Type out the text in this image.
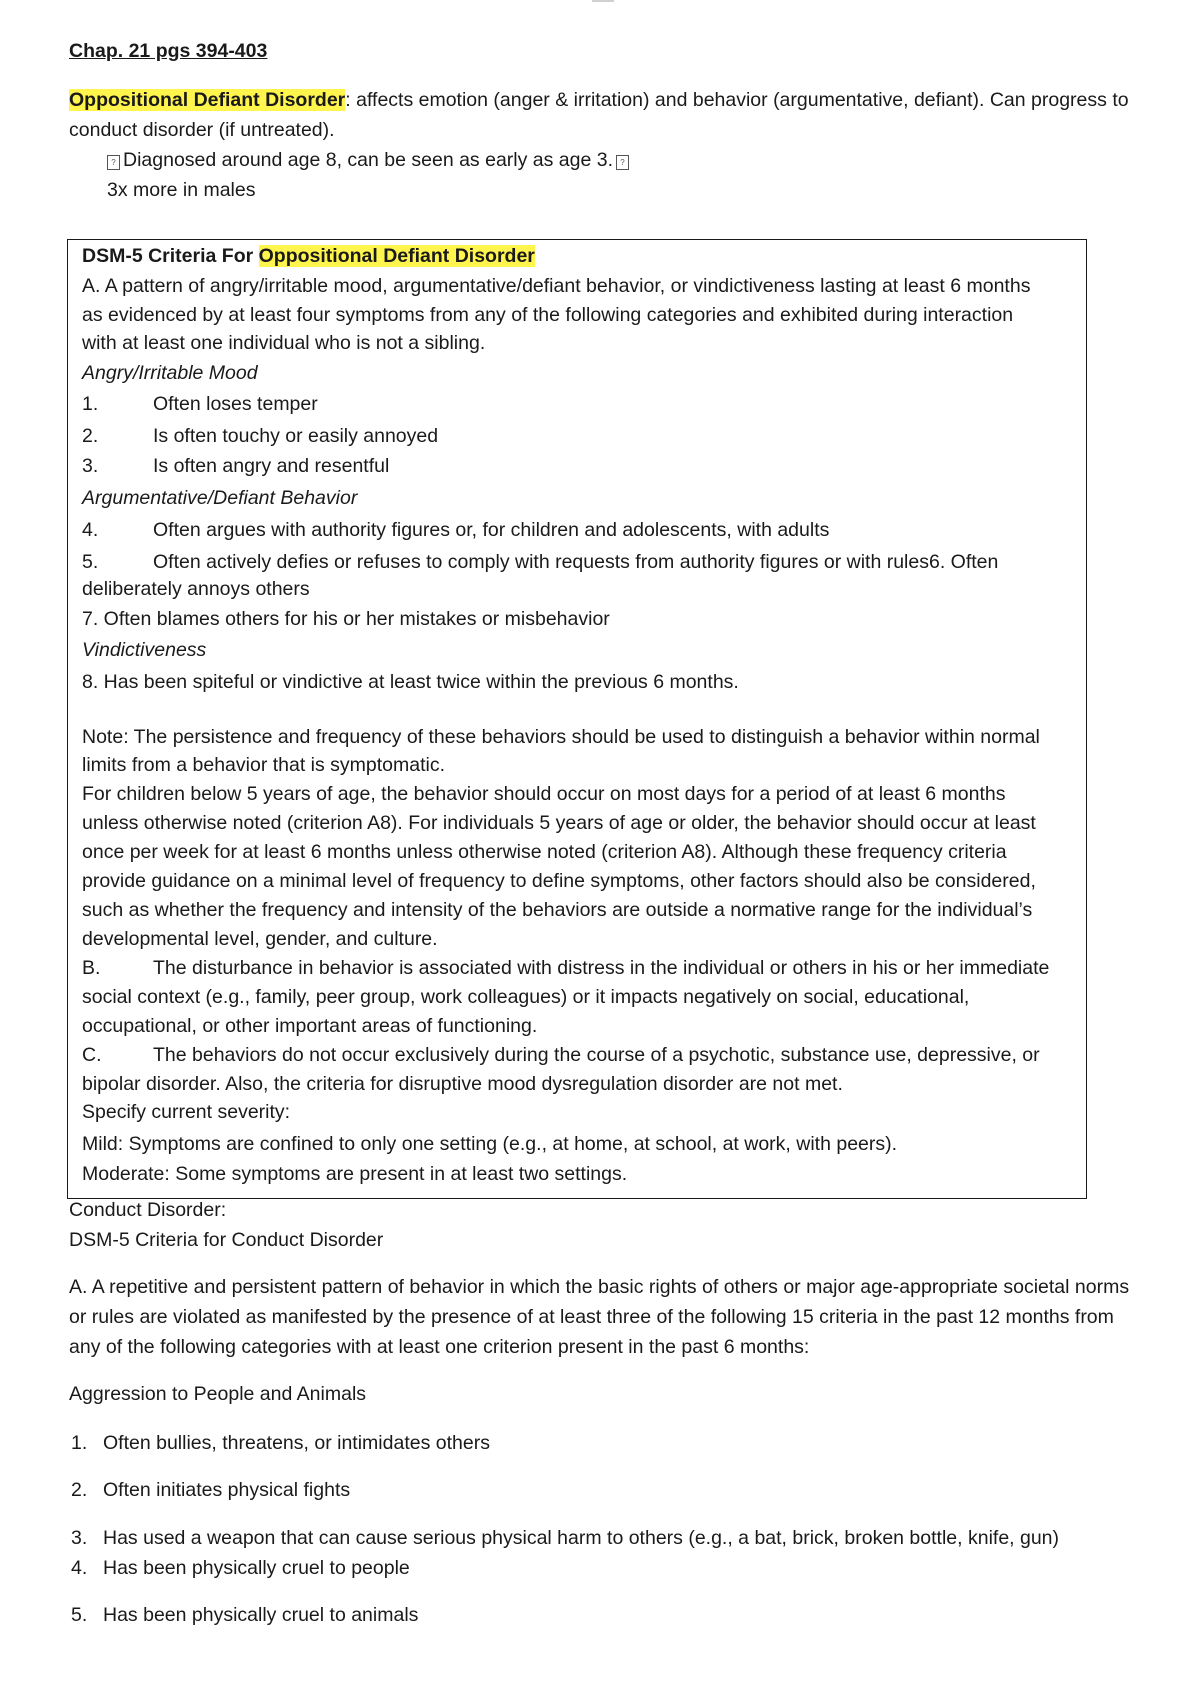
Chap. 21 pgs 394-403
Oppositional Defiant Disorder: affects emotion (anger & irritation) and behavior (argumentative, defiant). Can progress to
conduct disorder (if untreated).
? Diagnosed around age 8, can be seen as early as age 3. ?
3x more in males
DSM-5 Criteria For Oppositional Defiant Disorder
A. A pattern of angry/irritable mood, argumentative/defiant behavior, or vindictiveness lasting at least 6 months
as evidenced by at least four symptoms from any of the following categories and exhibited during interaction
with at least one individual who is not a sibling.
Angry/Irritable Mood
1.	Often loses temper
2.	Is often touchy or easily annoyed
3.	Is often angry and resentful
Argumentative/Defiant Behavior
4.	Often argues with authority figures or, for children and adolescents, with adults
5.	Often actively defies or refuses to comply with requests from authority figures or with rules6. Often
deliberately annoys others
7. Often blames others for his or her mistakes or misbehavior
Vindictiveness
8. Has been spiteful or vindictive at least twice within the previous 6 months.
Note: The persistence and frequency of these behaviors should be used to distinguish a behavior within normal
limits from a behavior that is symptomatic.
For children below 5 years of age, the behavior should occur on most days for a period of at least 6 months
unless otherwise noted (criterion A8). For individuals 5 years of age or older, the behavior should occur at least
once per week for at least 6 months unless otherwise noted (criterion A8). Although these frequency criteria
provide guidance on a minimal level of frequency to define symptoms, other factors should also be considered,
such as whether the frequency and intensity of the behaviors are outside a normative range for the individual’s
developmental level, gender, and culture.
B.	The disturbance in behavior is associated with distress in the individual or others in his or her immediate
social context (e.g., family, peer group, work colleagues) or it impacts negatively on social, educational,
occupational, or other important areas of functioning.
C.	The behaviors do not occur exclusively during the course of a psychotic, substance use, depressive, or
bipolar disorder. Also, the criteria for disruptive mood dysregulation disorder are not met.
Specify current severity:
Mild: Symptoms are confined to only one setting (e.g., at home, at school, at work, with peers).
Moderate: Some symptoms are present in at least two settings.
Conduct Disorder:
DSM-5 Criteria for Conduct Disorder
A. A repetitive and persistent pattern of behavior in which the basic rights of others or major age-appropriate societal norms
or rules are violated as manifested by the presence of at least three of the following 15 criteria in the past 12 months from
any of the following categories with at least one criterion present in the past 6 months:
Aggression to People and Animals
1. Often bullies, threatens, or intimidates others
2. Often initiates physical fights
3. Has used a weapon that can cause serious physical harm to others (e.g., a bat, brick, broken bottle, knife, gun)
4. Has been physically cruel to people
5. Has been physically cruel to animals
